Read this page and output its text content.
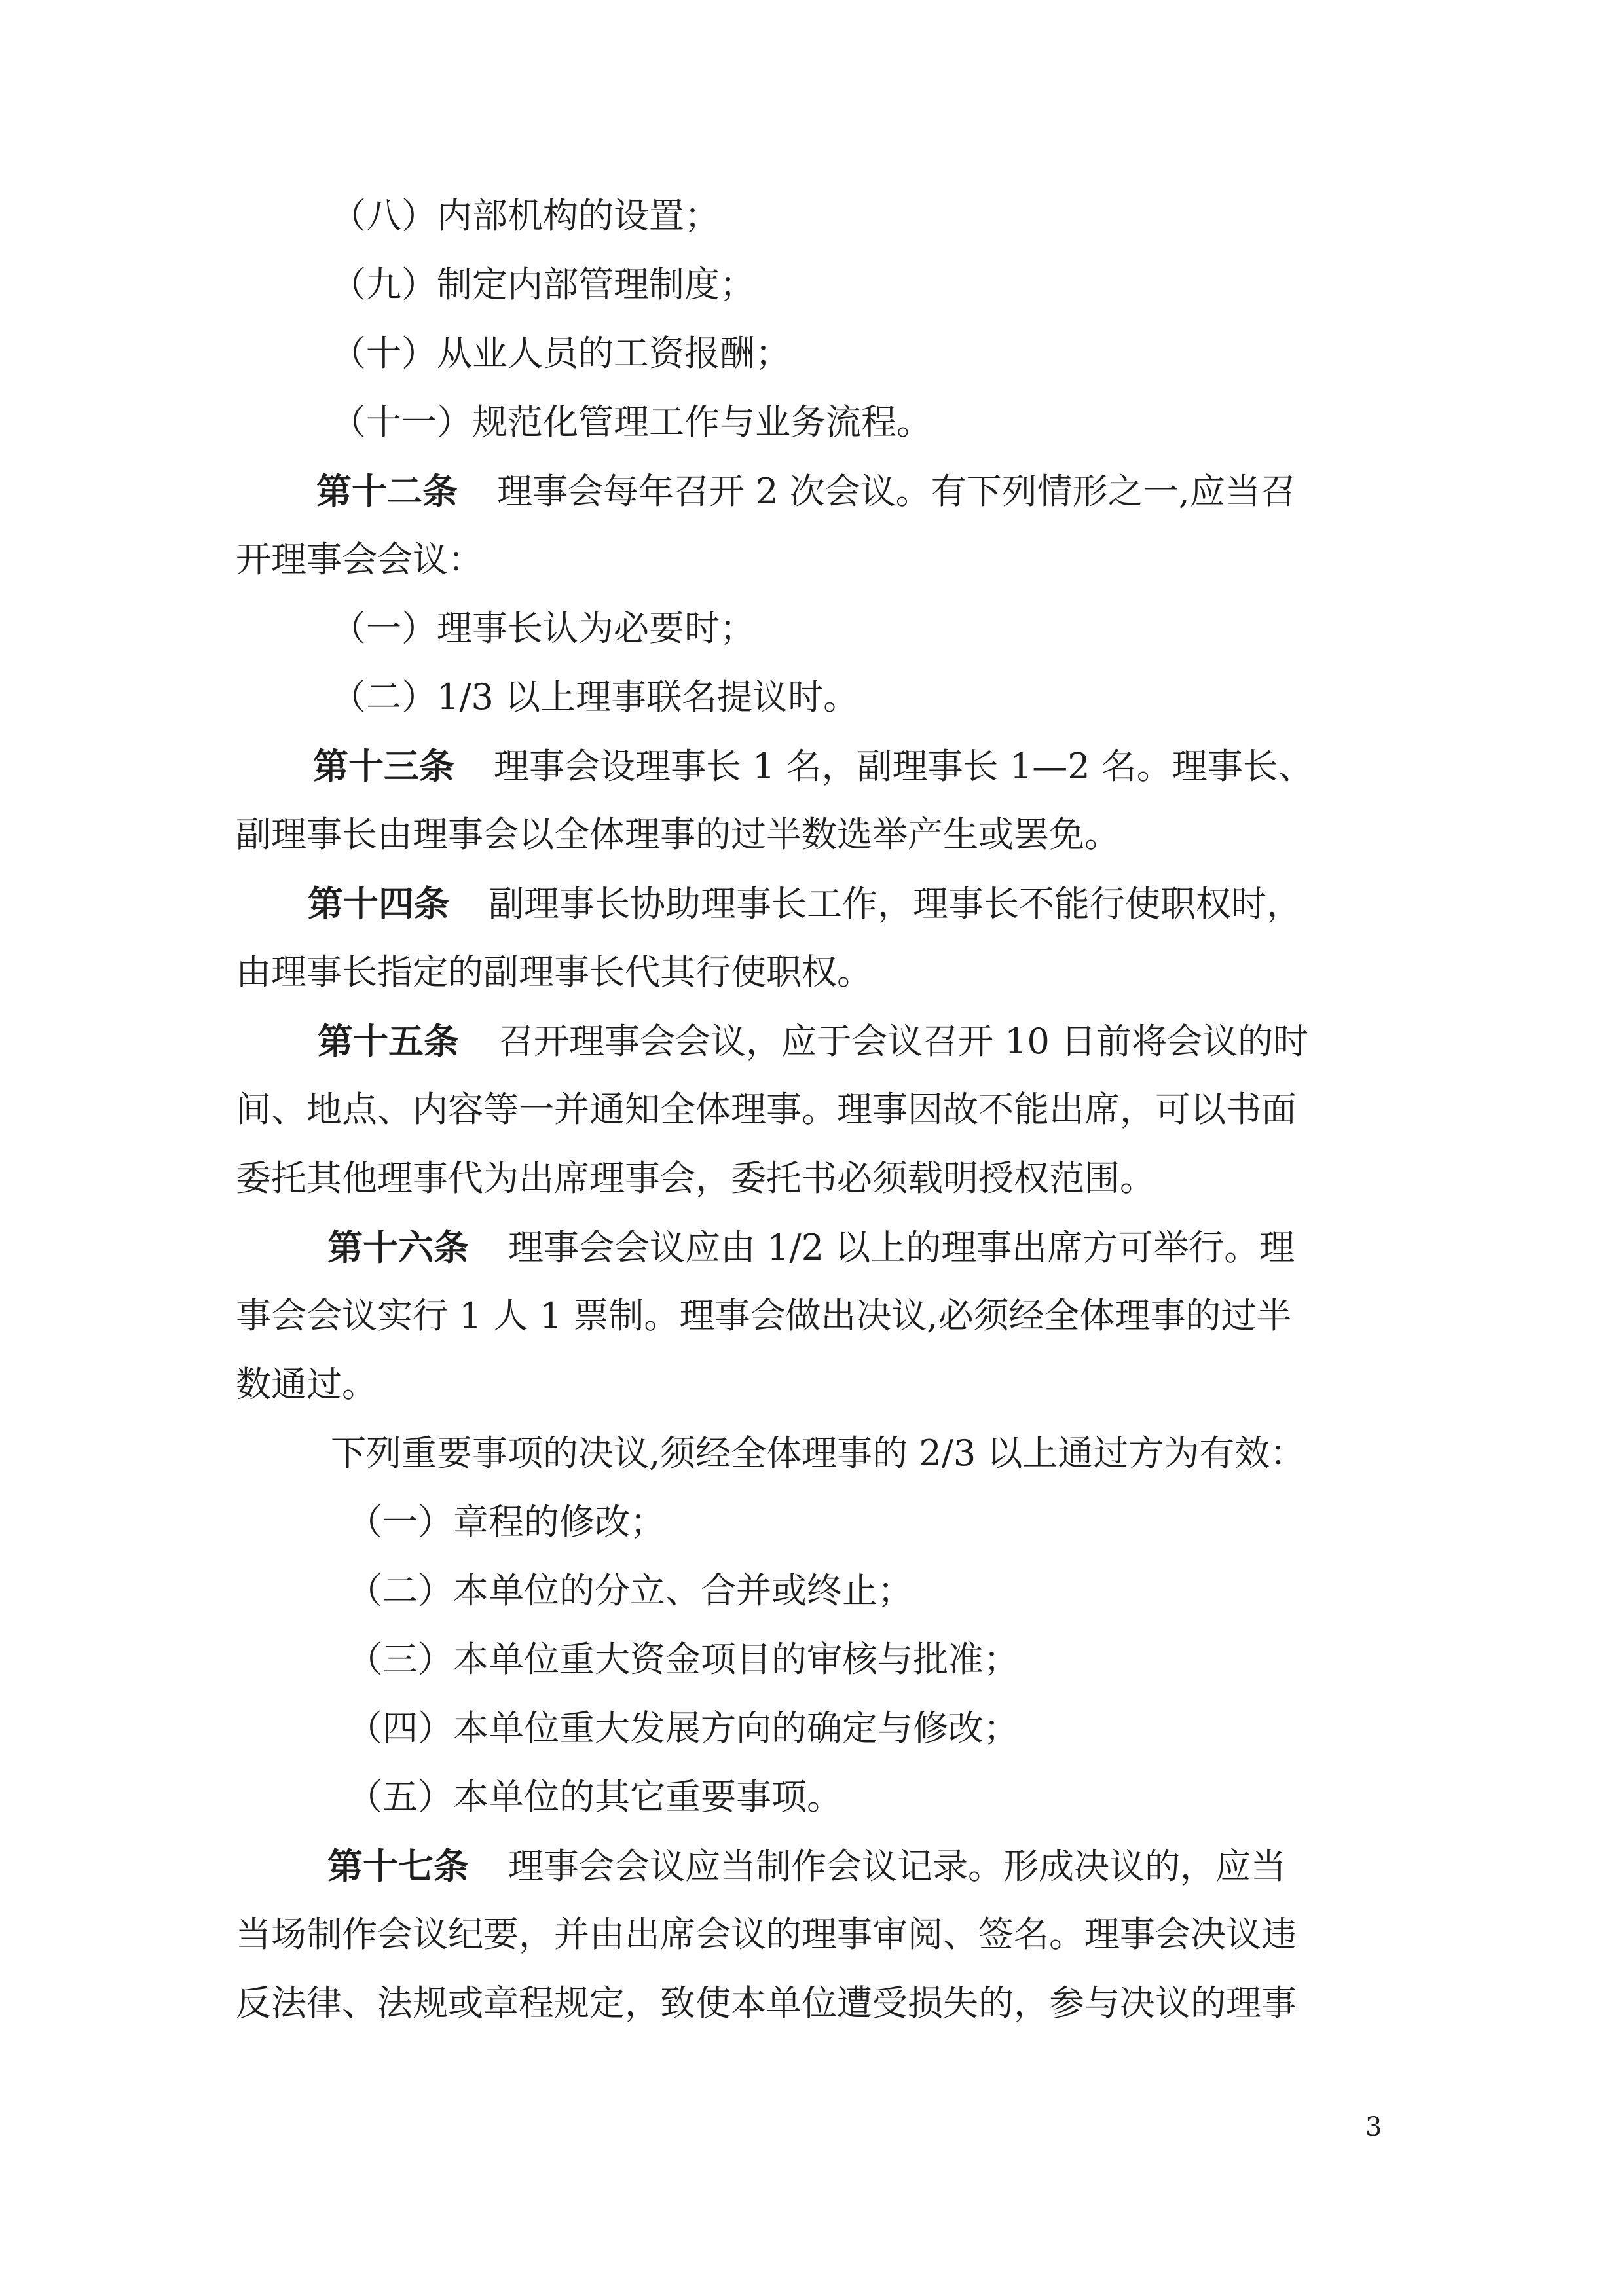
（八）内部机构的设置；
（九）制定内部管理制度；
（十）从业人员的工资报酬；
（十一）规范化管理工作与业务流程。
第十二条 理事会每年召开 2 次会议。有下列情形之一,应当召
开理事会会议：
（一）理事长认为必要时；
（二）1/3 以上理事联名提议时。
第十三条 理事会设理事长 1 名，副理事长 1—2 名。理事长、
副理事长由理事会以全体理事的过半数选举产生或罢免。
第十四条 副理事长协助理事长工作，理事长不能行使职权时，
由理事长指定的副理事长代其行使职权。
第十五条 召开理事会会议，应于会议召开 10 日前将会议的时
间、地点、内容等一并通知全体理事。理事因故不能出席，可以书面
委托其他理事代为出席理事会，委托书必须载明授权范围。
第十六条 理事会会议应由 1/2 以上的理事出席方可举行。理
事会会议实行 1 人 1 票制。理事会做出决议,必须经全体理事的过半
数通过。
下列重要事项的决议,须经全体理事的 2/3 以上通过方为有效：
（一）章程的修改；
（二）本单位的分立、合并或终止；
（三）本单位重大资金项目的审核与批准；
（四）本单位重大发展方向的确定与修改；
（五）本单位的其它重要事项。
第十七条 理事会会议应当制作会议记录。形成决议的，应当
当场制作会议纪要，并由出席会议的理事审阅、签名。理事会决议违
反法律、法规或章程规定，致使本单位遭受损失的，参与决议的理事
3
